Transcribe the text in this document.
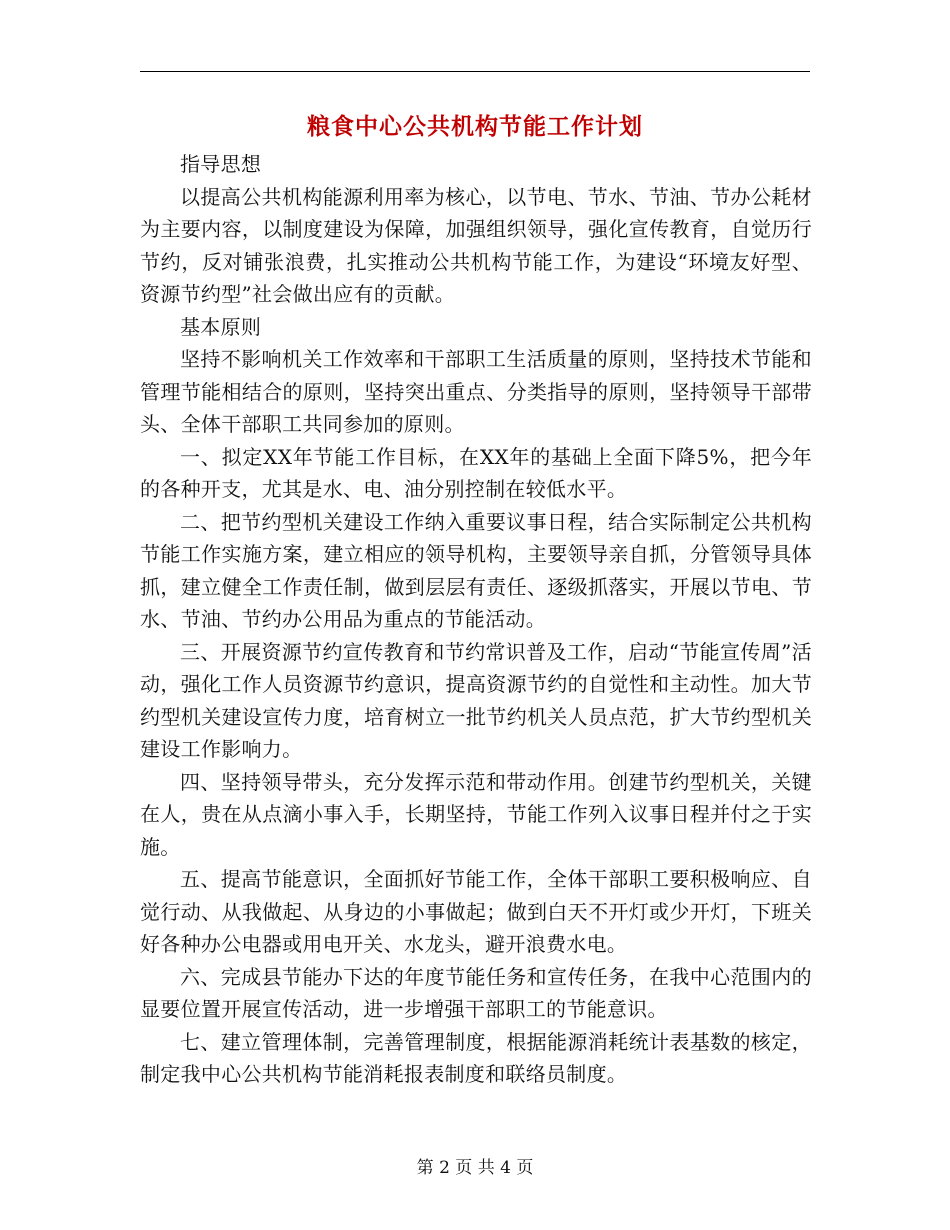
粮食中心公共机构节能工作计划

指导思想

以提高公共机构能源利用率为核心，以节电、节水、节油、节办公耗材为主要内容，以制度建设为保障，加强组织领导，强化宣传教育，自觉历行节约，反对铺张浪费，扎实推动公共机构节能工作，为建设“环境友好型、资源节约型”社会做出应有的贡献。

基本原则

坚持不影响机关工作效率和干部职工生活质量的原则，坚持技术节能和管理节能相结合的原则，坚持突出重点、分类指导的原则，坚持领导干部带头、全体干部职工共同参加的原则。

一、拟定XX年节能工作目标，在XX年的基础上全面下降5%，把今年的各种开支，尤其是水、电、油分别控制在较低水平。

二、把节约型机关建设工作纳入重要议事日程，结合实际制定公共机构节能工作实施方案，建立相应的领导机构，主要领导亲自抓，分管领导具体抓，建立健全工作责任制，做到层层有责任、逐级抓落实，开展以节电、节水、节油、节约办公用品为重点的节能活动。

三、开展资源节约宣传教育和节约常识普及工作，启动“节能宣传周”活动，强化工作人员资源节约意识，提高资源节约的自觉性和主动性。加大节约型机关建设宣传力度，培育树立一批节约机关人员点范，扩大节约型机关建设工作影响力。

四、坚持领导带头，充分发挥示范和带动作用。创建节约型机关，关键在人，贵在从点滴小事入手，长期坚持，节能工作列入议事日程并付之于实施。

五、提高节能意识，全面抓好节能工作，全体干部职工要积极响应、自觉行动、从我做起、从身边的小事做起；做到白天不开灯或少开灯，下班关好各种办公电器或用电开关、水龙头，避开浪费水电。

六、完成县节能办下达的年度节能任务和宣传任务，在我中心范围内的显要位置开展宣传活动，进一步增强干部职工的节能意识。

七、建立管理体制，完善管理制度，根据能源消耗统计表基数的核定，制定我中心公共机构节能消耗报表制度和联络员制度。

第 2 页 共 4 页
